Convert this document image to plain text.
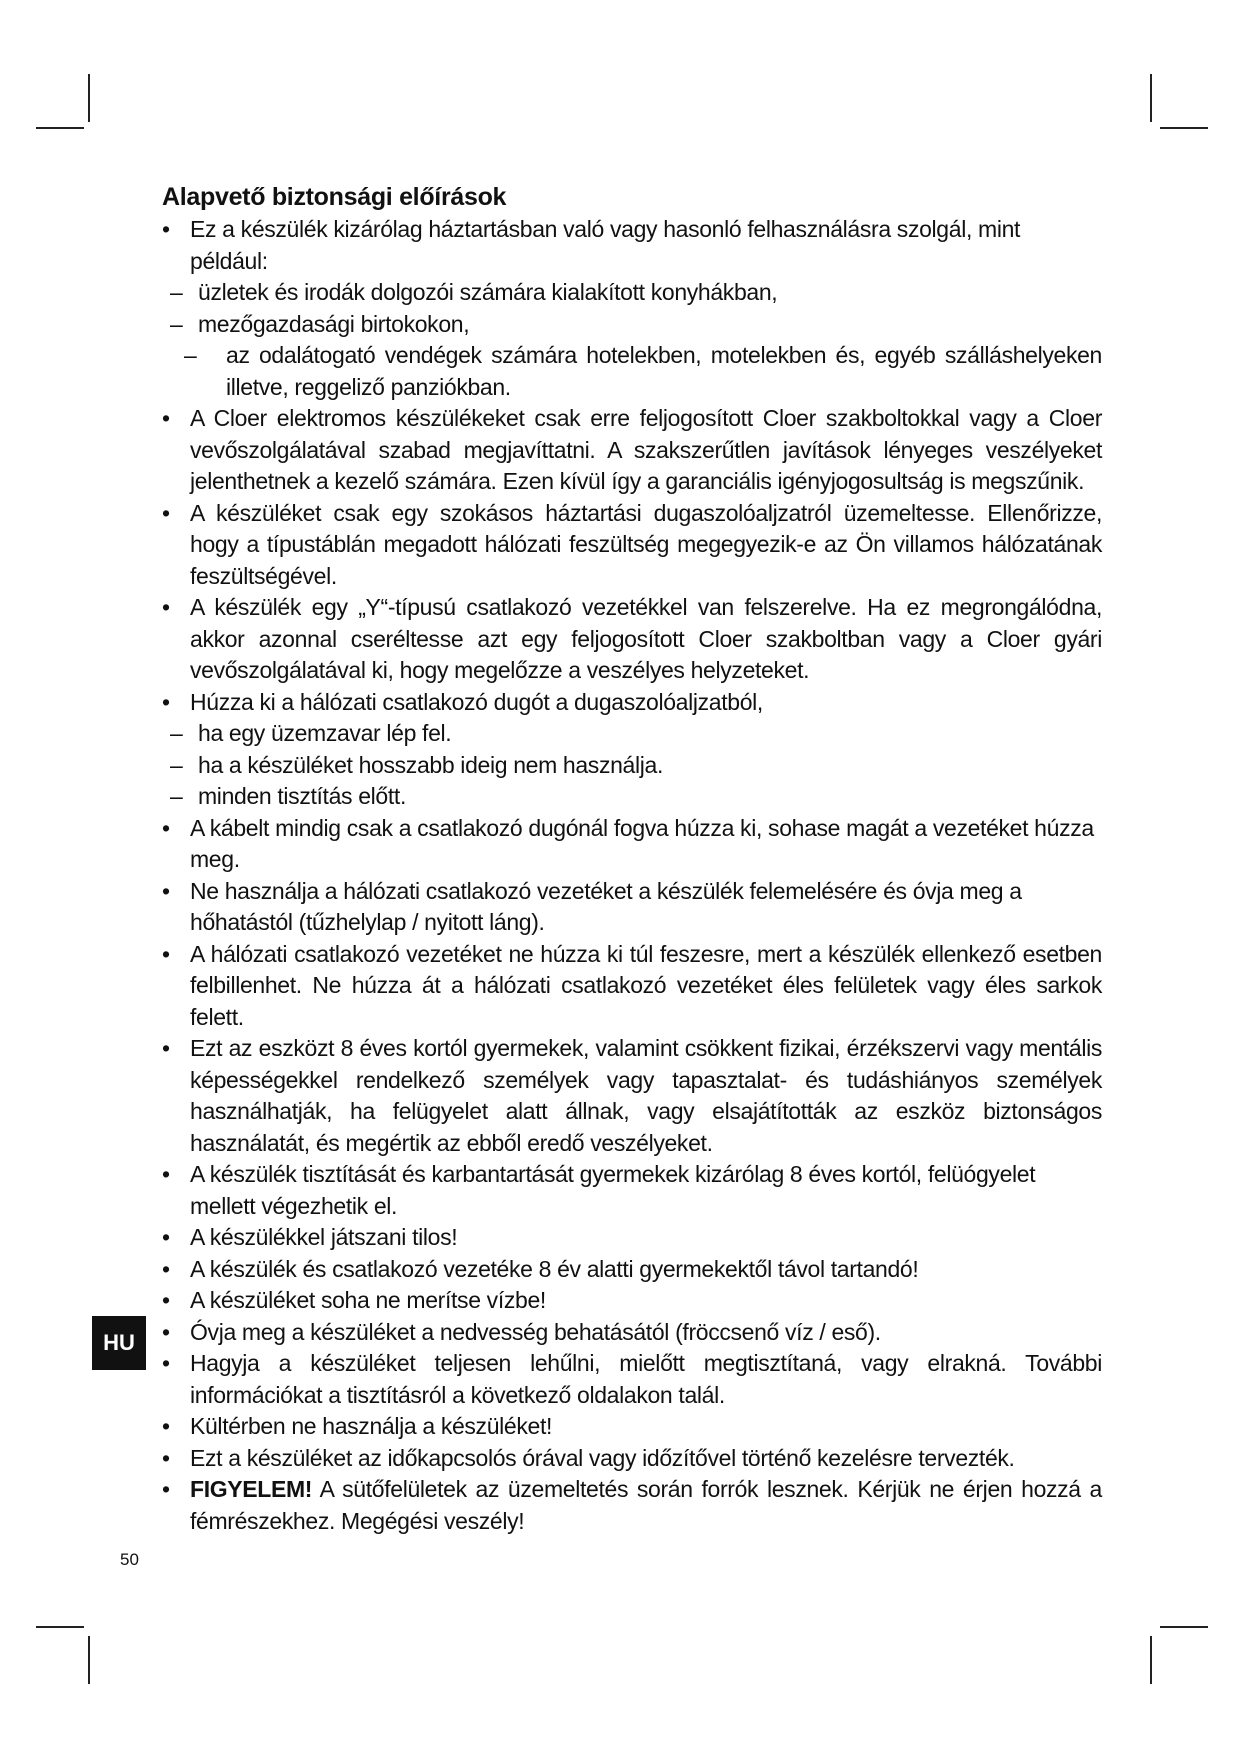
Alapvető biztonsági előírások
• Ez a készülék kizárólag háztartásban való vagy hasonló felhasználásra szolgál, mint például:
– üzletek és irodák dolgozói számára kialakított konyhákban,
– mezőgazdasági birtokokon,
– az odalátogató vendégek számára hotelekben, motelekben és, egyéb szálláshelyeken illetve, reggeliző panziókban.
• A Cloer elektromos készülékeket csak erre feljogosított Cloer szakboltokkal vagy a Cloer vevőszolgálatával szabad megjavíttatni. A szakszerűtlen javítások lényeges veszélyeket jelenthetnek a kezelő számára. Ezen kívül így a garanciális igényjogosultság is megszűnik.
• A készüléket csak egy szokásos háztartási dugaszolóaljzatról üzemeltesse. Ellenőrizze, hogy a típustáblán megadott hálózati feszültség megegyezik-e az Ön villamos hálózatának feszültségével.
• A készülék egy „Y“-típusú csatlakozó vezetékkel van felszerelve. Ha ez megrongálódna, akkor azonnal cseréltesse azt egy feljogosított Cloer szakboltban vagy a Cloer gyári vevőszolgálatával ki, hogy megelőzze a veszélyes helyzeteket.
• Húzza ki a hálózati csatlakozó dugót a dugaszolóaljzatból,
– ha egy üzemzavar lép fel.
– ha a készüléket hosszabb ideig nem használja.
– minden tisztítás előtt.
• A kábelt mindig csak a csatlakozó dugónál fogva húzza ki, sohase magát a vezetéket húzza meg.
• Ne használja a hálózati csatlakozó vezetéket a készülék felemelésére és óvja meg a hőhatástól (tűzhelylap / nyitott láng).
• A hálózati csatlakozó vezetéket ne húzza ki túl feszesre, mert a készülék ellenkező esetben felbillenhet. Ne húzza át a hálózati csatlakozó vezetéket éles felületek vagy éles sarkok felett.
• Ezt az eszközt 8 éves kortól gyermekek, valamint csökkent fizikai, érzékszervi vagy mentális képességekkel rendelkező személyek vagy tapasztalat- és tudáshiányos személyek használhatják, ha felügyelet alatt állnak, vagy elsajátították az eszköz biztonságos használatát, és megértik az ebből eredő veszélyeket.
• A készülék tisztítását és karbantartását gyermekek kizárólag 8 éves kortól, felüógyelet mellett végezhetik el.
• A készülékkel játszani tilos!
• A készülék és csatlakozó vezetéke 8 év alatti gyermekektől távol tartandó!
• A készüléket soha ne merítse vízbe!
• Óvja meg a készüléket a nedvesség behatásától (fröccsenő víz / eső).
• Hagyja a készüléket teljesen lehűlni, mielőtt megtisztítaná, vagy elrakná. További információkat a tisztításról a következő oldalakon talál.
• Kültérben ne használja a készüléket!
• Ezt a készüléket az időkapcsolós órával vagy időzítővel történő kezelésre tervezték.
• FIGYELEM! A sütőfelületek az üzemeltetés során forrók lesznek. Kérjük ne érjen hozzá a fémrészekhez. Megégési veszély!
HU
50
